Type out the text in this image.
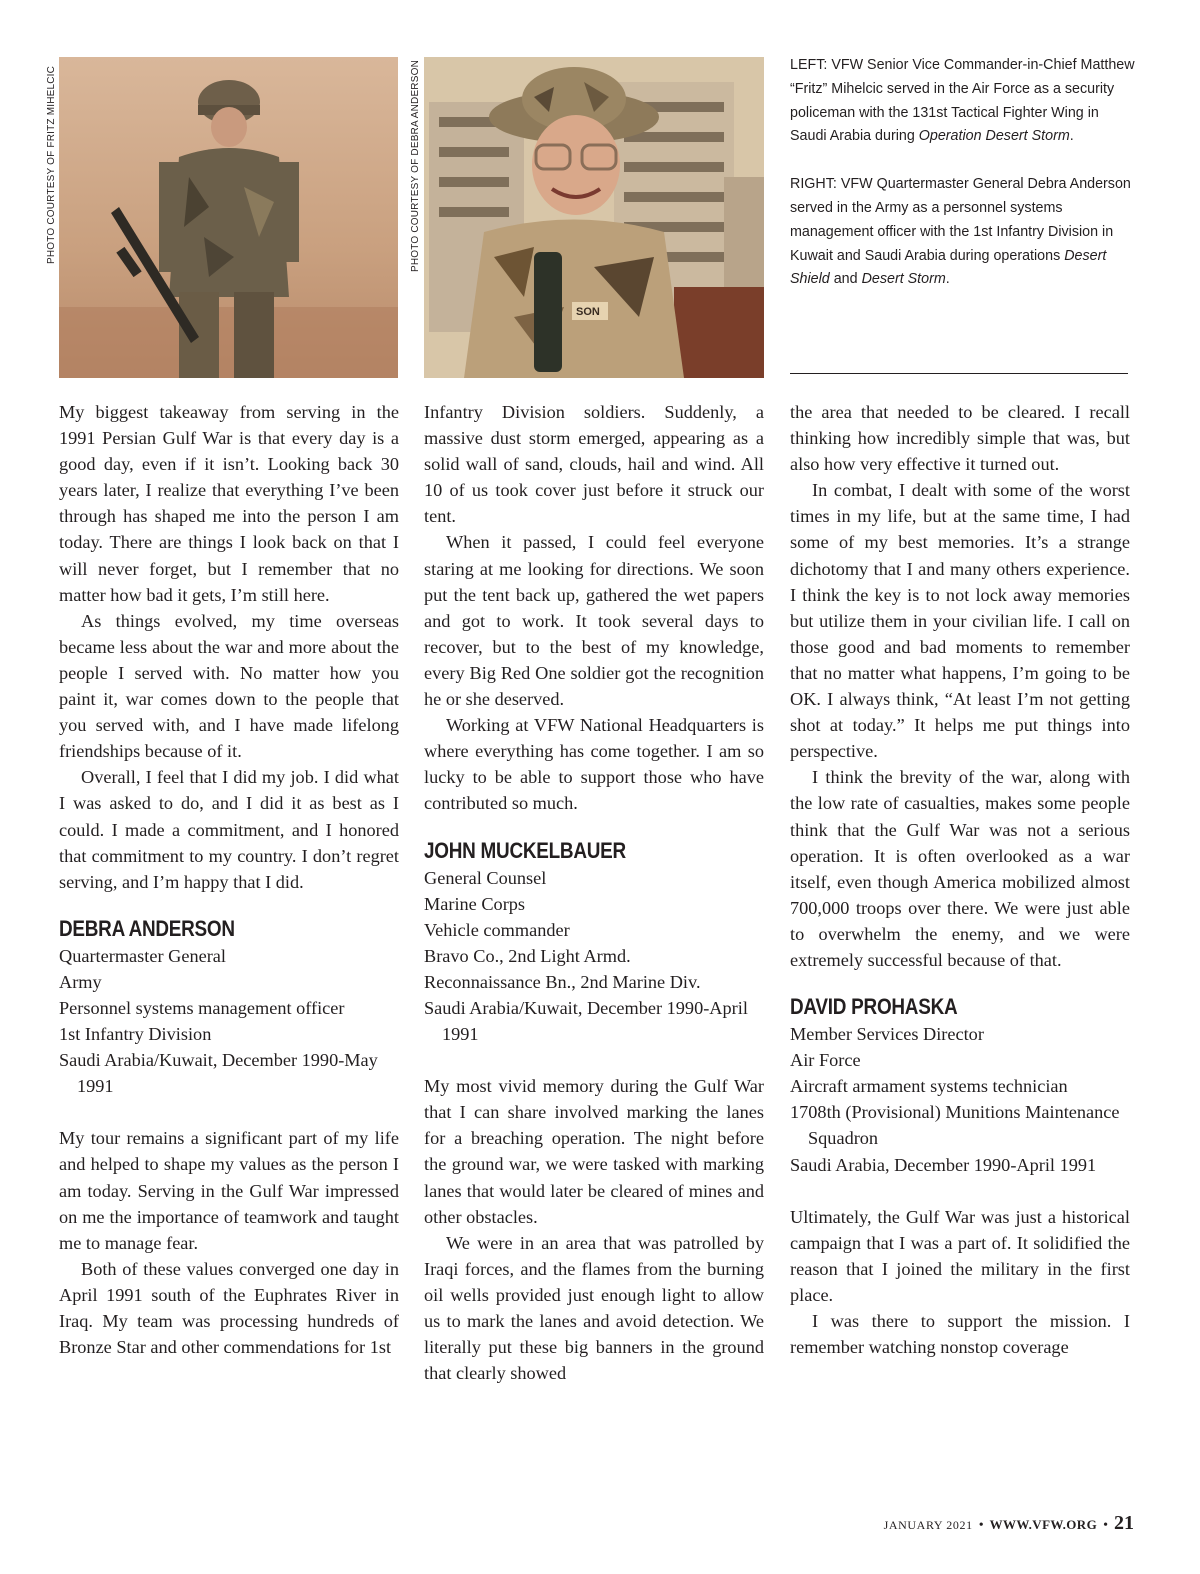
PHOTO COURTESY OF FRITZ MIHELCIC	PHOTO COURTESY OF DEBRA ANDERSON
SON

LEFT: VFW Senior Vice Commander-in-Chief Matthew “Fritz” Mihelcic served in the Air Force as a security policeman with the 131st Tactical Fighter Wing in Saudi Arabia during Operation Desert Storm.

RIGHT: VFW Quartermaster General Debra Anderson served in the Army as a personnel systems management officer with the 1st Infantry Division in Kuwait and Saudi Arabia during operations Desert Shield and Desert Storm.

My biggest takeaway from serving in the 1991 Persian Gulf War is that every day is a good day, even if it isn’t. Looking back 30 years later, I realize that everything I’ve been through has shaped me into the person I am today. There are things I look back on that I will never forget, but I remember that no matter how bad it gets, I’m still here.

As things evolved, my time overseas became less about the war and more about the people I served with. No matter how you paint it, war comes down to the people that you served with, and I have made lifelong friendships because of it.

Overall, I feel that I did my job. I did what I was asked to do, and I did it as best as I could. I made a commitment, and I honored that commitment to my country. I don’t regret serving, and I’m happy that I did.

DEBRA ANDERSON
Quartermaster General
Army
Personnel systems management officer
1st Infantry Division
Saudi Arabia/Kuwait, December 1990-May 1991

My tour remains a significant part of my life and helped to shape my values as the person I am today. Serving in the Gulf War impressed on me the importance of teamwork and taught me to manage fear.

Both of these values converged one day in April 1991 south of the Euphrates River in Iraq. My team was processing hundreds of Bronze Star and other commendations for 1st

Infantry Division soldiers. Suddenly, a massive dust storm emerged, appearing as a solid wall of sand, clouds, hail and wind. All 10 of us took cover just before it struck our tent.

When it passed, I could feel everyone staring at me looking for directions. We soon put the tent back up, gathered the wet papers and got to work. It took several days to recover, but to the best of my knowledge, every Big Red One soldier got the recognition he or she deserved.

Working at VFW National Headquarters is where everything has come together. I am so lucky to be able to support those who have contributed so much.

JOHN MUCKELBAUER
General Counsel
Marine Corps
Vehicle commander
Bravo Co., 2nd Light Armd.
Reconnaissance Bn., 2nd Marine Div.
Saudi Arabia/Kuwait, December 1990-April 1991

My most vivid memory during the Gulf War that I can share involved marking the lanes for a breaching operation. The night before the ground war, we were tasked with marking lanes that would later be cleared of mines and other obstacles.

We were in an area that was patrolled by Iraqi forces, and the flames from the burning oil wells provided just enough light to allow us to mark the lanes and avoid detection. We literally put these big banners in the ground that clearly showed

the area that needed to be cleared. I recall thinking how incredibly simple that was, but also how very effective it turned out.

In combat, I dealt with some of the worst times in my life, but at the same time, I had some of my best memories. It’s a strange dichotomy that I and many others experience. I think the key is to not lock away memories but utilize them in your civilian life. I call on those good and bad moments to remember that no matter what happens, I’m going to be OK. I always think, “At least I’m not getting shot at today.” It helps me put things into perspective.

I think the brevity of the war, along with the low rate of casualties, makes some people think that the Gulf War was not a serious operation. It is often overlooked as a war itself, even though America mobilized almost 700,000 troops over there. We were just able to overwhelm the enemy, and we were extremely successful because of that.

DAVID PROHASKA
Member Services Director
Air Force
Aircraft armament systems technician
1708th (Provisional) Munitions Maintenance Squadron
Saudi Arabia, December 1990-April 1991

Ultimately, the Gulf War was just a historical campaign that I was a part of. It solidified the reason that I joined the military in the first place.

I was there to support the mission. I remember watching nonstop coverage

JANUARY 2021 • WWW.VFW.ORG • 21
